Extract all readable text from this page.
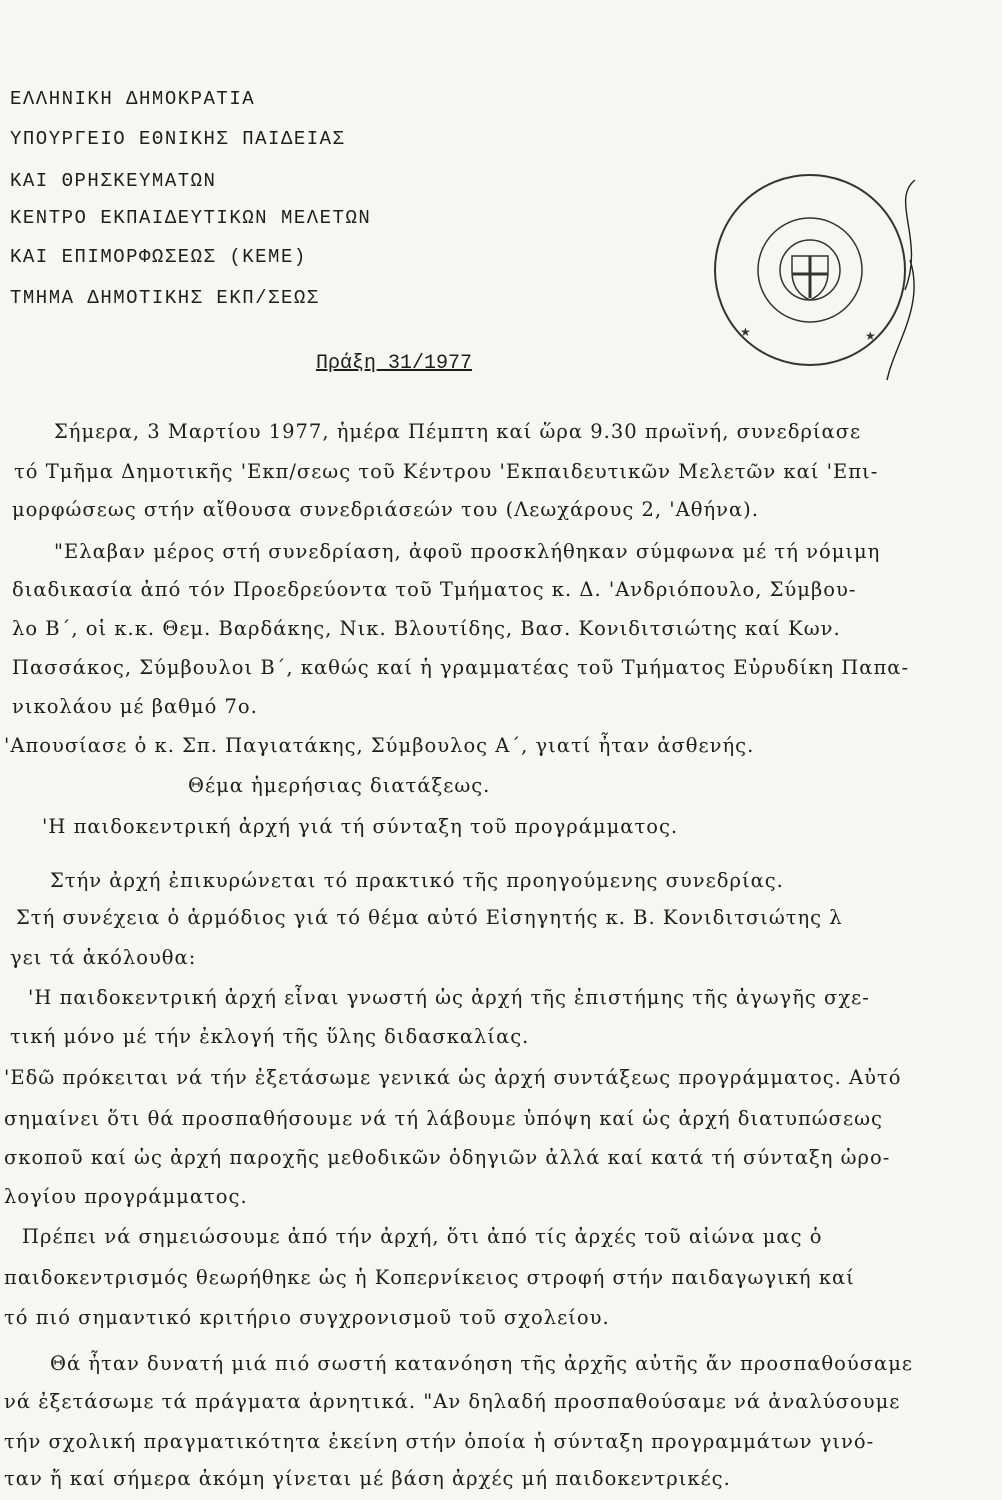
ΕΛΛΗΝΙΚΗ ΔΗΜΟΚΡΑΤΙΑ
ΥΠΟΥΡΓΕΙΟ ΕΘΝΙΚΗΣ ΠΑΙΔΕΙΑΣ
ΚΑΙ ΘΡΗΣΚΕΥΜΑΤΩΝ
ΚΕΝΤΡΟ ΕΚΠΑΙΔΕΥΤΙΚΩΝ ΜΕΛΕΤΩΝ
ΚΑΙ ΕΠΙΜΟΡΦΩΣΕΩΣ (ΚΕΜΕ)
ΤΜΗΜΑ ΔΗΜΟΤΙΚΗΣ ΕΚΠ/ΣΕΩΣ
★
★
Πράξη 31/1977
Σήμερα, 3 Μαρτίου 1977, ἡμέρα Πέμπτη καί ὥρα 9.30 πρωϊνή, συνεδρίασε
τό Τμῆμα Δημοτικῆς 'Εκπ/σεως τοῦ Κέντρου 'Εκπαιδευτικῶν Μελετῶν καί 'Επι-
μορφώσεως στήν αἴθουσα συνεδριάσεών του (Λεωχάρους 2, 'Αθήνα).
"Ελαβαν μέρος στή συνεδρίαση, ἀφοῦ προσκλήθηκαν σύμφωνα μέ τή νόμιμη
διαδικασία ἀπό τόν Προεδρεύοντα τοῦ Τμήματος κ. Δ. 'Ανδριόπουλο, Σύμβου-
λο Β΄, οἱ κ.κ. Θεμ. Βαρδάκης, Νικ. Βλουτίδης, Βασ. Κονιδιτσιώτης καί Κων.
Πασσάκος, Σύμβουλοι Β΄, καθώς καί ἡ γραμματέας τοῦ Τμήματος Εὐρυδίκη Παπα-
νικολάου μέ βαθμό 7ο.
'Απουσίασε ὁ κ. Σπ. Παγιατάκης, Σύμβουλος Α΄, γιατί ἦταν ἀσθενής.
Θέμα ἡμερήσιας διατάξεως.
'Η παιδοκεντρική ἀρχή γιά τή σύνταξη τοῦ προγράμματος.
Στήν ἀρχή ἐπικυρώνεται τό πρακτικό τῆς προηγούμενης συνεδρίας.
Στή συνέχεια ὁ ἁρμόδιος γιά τό θέμα αὐτό Εἰσηγητής κ. Β. Κονιδιτσιώτης λ
γει τά ἀκόλουθα:
'Η παιδοκεντρική ἀρχή εἶναι γνωστή ὡς ἀρχή τῆς ἐπιστήμης τῆς ἀγωγῆς σχε-
τική μόνο μέ τήν ἐκλογή τῆς ὕλης διδασκαλίας.
'Εδῶ πρόκειται νά τήν ἐξετάσωμε γενικά ὡς ἀρχή συντάξεως προγράμματος. Αὐτό
σημαίνει ὅτι θά προσπαθήσουμε νά τή λάβουμε ὑπόψη καί ὡς ἀρχή διατυπώσεως
σκοποῦ καί ὡς ἀρχή παροχῆς μεθοδικῶν ὁδηγιῶν ἀλλά καί κατά τή σύνταξη ὡρο-
λογίου προγράμματος.
Πρέπει νά σημειώσουμε ἀπό τήν ἀρχή, ὅτι ἀπό τίς ἀρχές τοῦ αἰώνα μας ὁ
παιδοκεντρισμός θεωρήθηκε ὡς ἡ Κοπερνίκειος στροφή στήν παιδαγωγική καί
τό πιό σημαντικό κριτήριο συγχρονισμοῦ τοῦ σχολείου.
Θά ἦταν δυνατή μιά πιό σωστή κατανόηση τῆς ἀρχῆς αὐτῆς ἄν προσπαθούσαμε
νά ἐξετάσωμε τά πράγματα ἀρνητικά. "Αν δηλαδή προσπαθούσαμε νά ἀναλύσουμε
τήν σχολική πραγματικότητα ἐκείνη στήν ὁποία ἡ σύνταξη προγραμμάτων γινό-
ταν ἤ καί σήμερα ἀκόμη γίνεται μέ βάση ἀρχές μή παιδοκεντρικές.
